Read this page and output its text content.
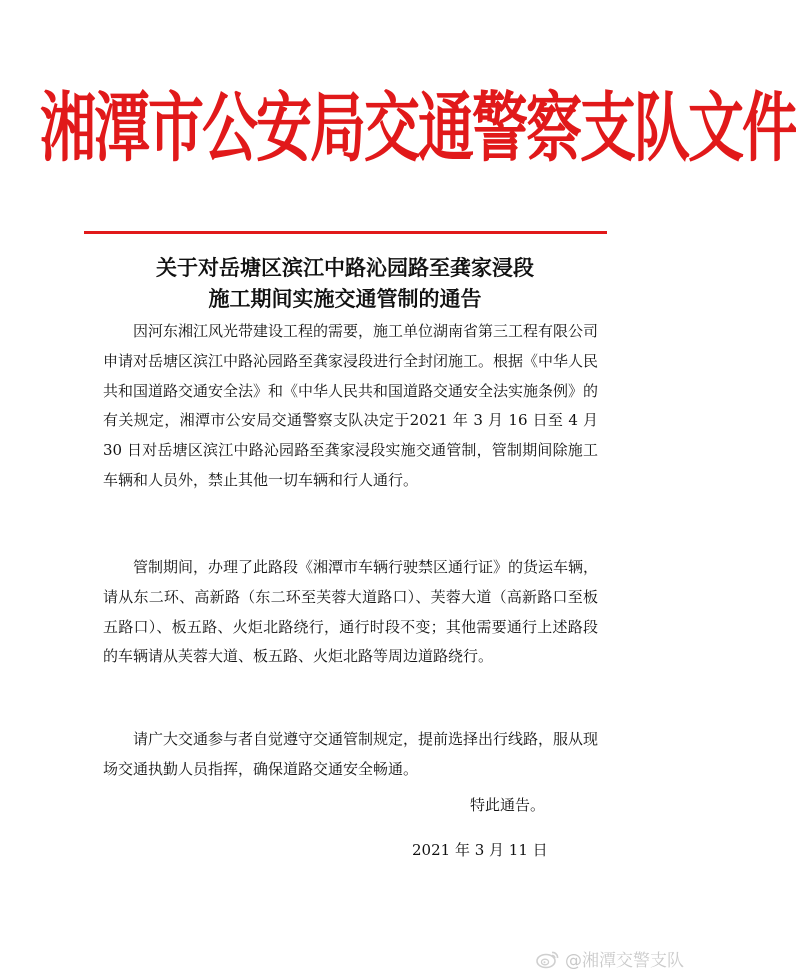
湘潭市公安局交通警察支队文件
关于对岳塘区滨江中路沁园路至龚家浸段
施工期间实施交通管制的通告

因河东湘江风光带建设工程的需要，施工单位湖南省第三工程有限公司申请对岳塘区滨江中路沁园路至龚家浸段进行全封闭施工。根据《中华人民共和国道路交通安全法》和《中华人民共和国道路交通安全法实施条例》的有关规定，湘潭市公安局交通警察支队决定于2021 年 3 月 16 日至 4 月 30 日对岳塘区滨江中路沁园路至龚家浸段实施交通管制，管制期间除施工车辆和人员外，禁止其他一切车辆和行人通行。

管制期间，办理了此路段《湘潭市车辆行驶禁区通行证》的货运车辆，请从东二环、高新路（东二环至芙蓉大道路口）、芙蓉大道（高新路口至板五路口）、板五路、火炬北路绕行，通行时段不变；其他需要通行上述路段的车辆请从芙蓉大道、板五路、火炬北路等周边道路绕行。

请广大交通参与者自觉遵守交通管制规定，提前选择出行线路，服从现场交通执勤人员指挥，确保道路交通安全畅通。

特此通告。
2021 年 3 月 11 日
@湘潭交警支队
